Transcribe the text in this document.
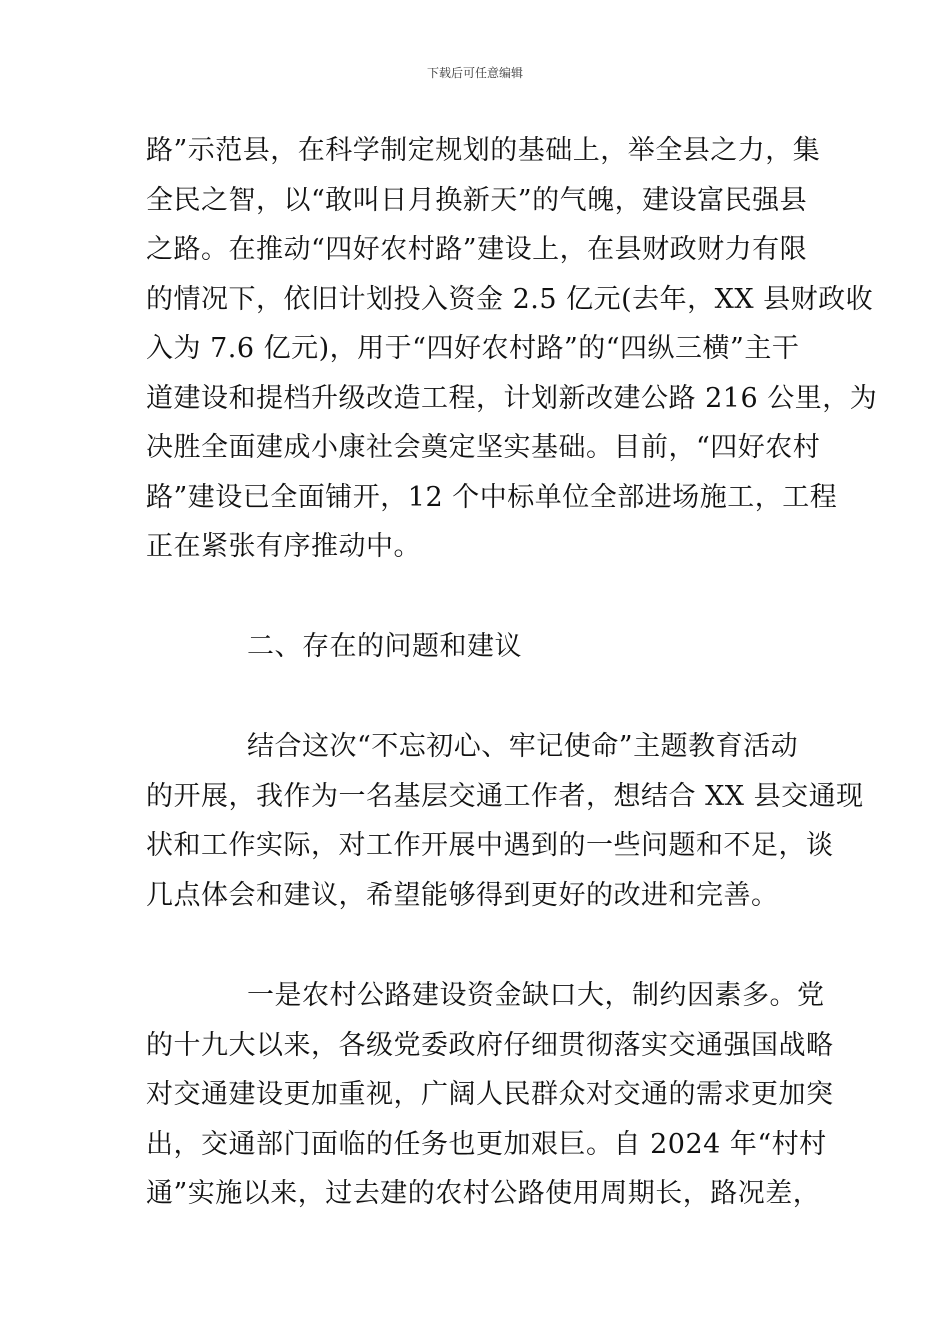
下载后可任意编辑

路”示范县，在科学制定规划的基础上，举全县之力，集
全民之智，以“敢叫日月换新天”的气魄，建设富民强县
之路。在推动“四好农村路”建设上，在县财政财力有限
的情况下，依旧计划投入资金 2.5 亿元(去年，XX 县财政收
入为 7.6 亿元)，用于“四好农村路”的“四纵三横”主干
道建设和提档升级改造工程，计划新改建公路 216 公里，为
决胜全面建成小康社会奠定坚实基础。目前，“四好农村
路”建设已全面铺开，12 个中标单位全部进场施工，工程
正在紧张有序推动中。

二、存在的问题和建议

结合这次“不忘初心、牢记使命”主题教育活动
的开展，我作为一名基层交通工作者，想结合 XX 县交通现
状和工作实际，对工作开展中遇到的一些问题和不足，谈
几点体会和建议，希望能够得到更好的改进和完善。

一是农村公路建设资金缺口大，制约因素多。党
的十九大以来，各级党委政府仔细贯彻落实交通强国战略
对交通建设更加重视，广阔人民群众对交通的需求更加突
出，交通部门面临的任务也更加艰巨。自 2024 年“村村
通”实施以来，过去建的农村公路使用周期长，路况差，
